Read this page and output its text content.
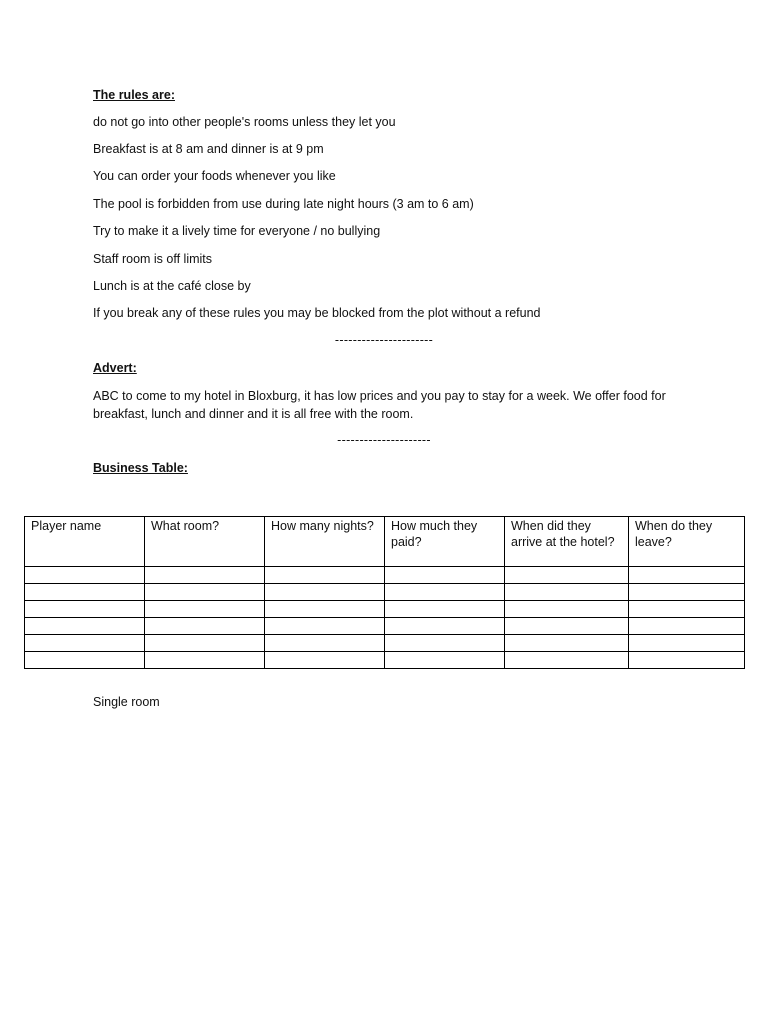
The rules are:
do not go into other people's rooms unless they let you
Breakfast is at 8 am and dinner is at 9 pm
You can order your foods whenever you like
The pool is forbidden from use during late night hours (3 am to 6 am)
Try to make it a lively time for everyone / no bullying
Staff room is off limits
Lunch is at the café close by
If you break any of these rules you may be blocked from the plot without a refund
----------------------
Advert:
ABC to come to my hotel in Bloxburg, it has low prices and you pay to stay for a week. We offer food for breakfast, lunch and dinner and it is all free with the room.
---------------------
Business Table:
Player name	What room?	How many nights?	How much they paid?	When did they arrive at the hotel?	When do they leave?

Single room
